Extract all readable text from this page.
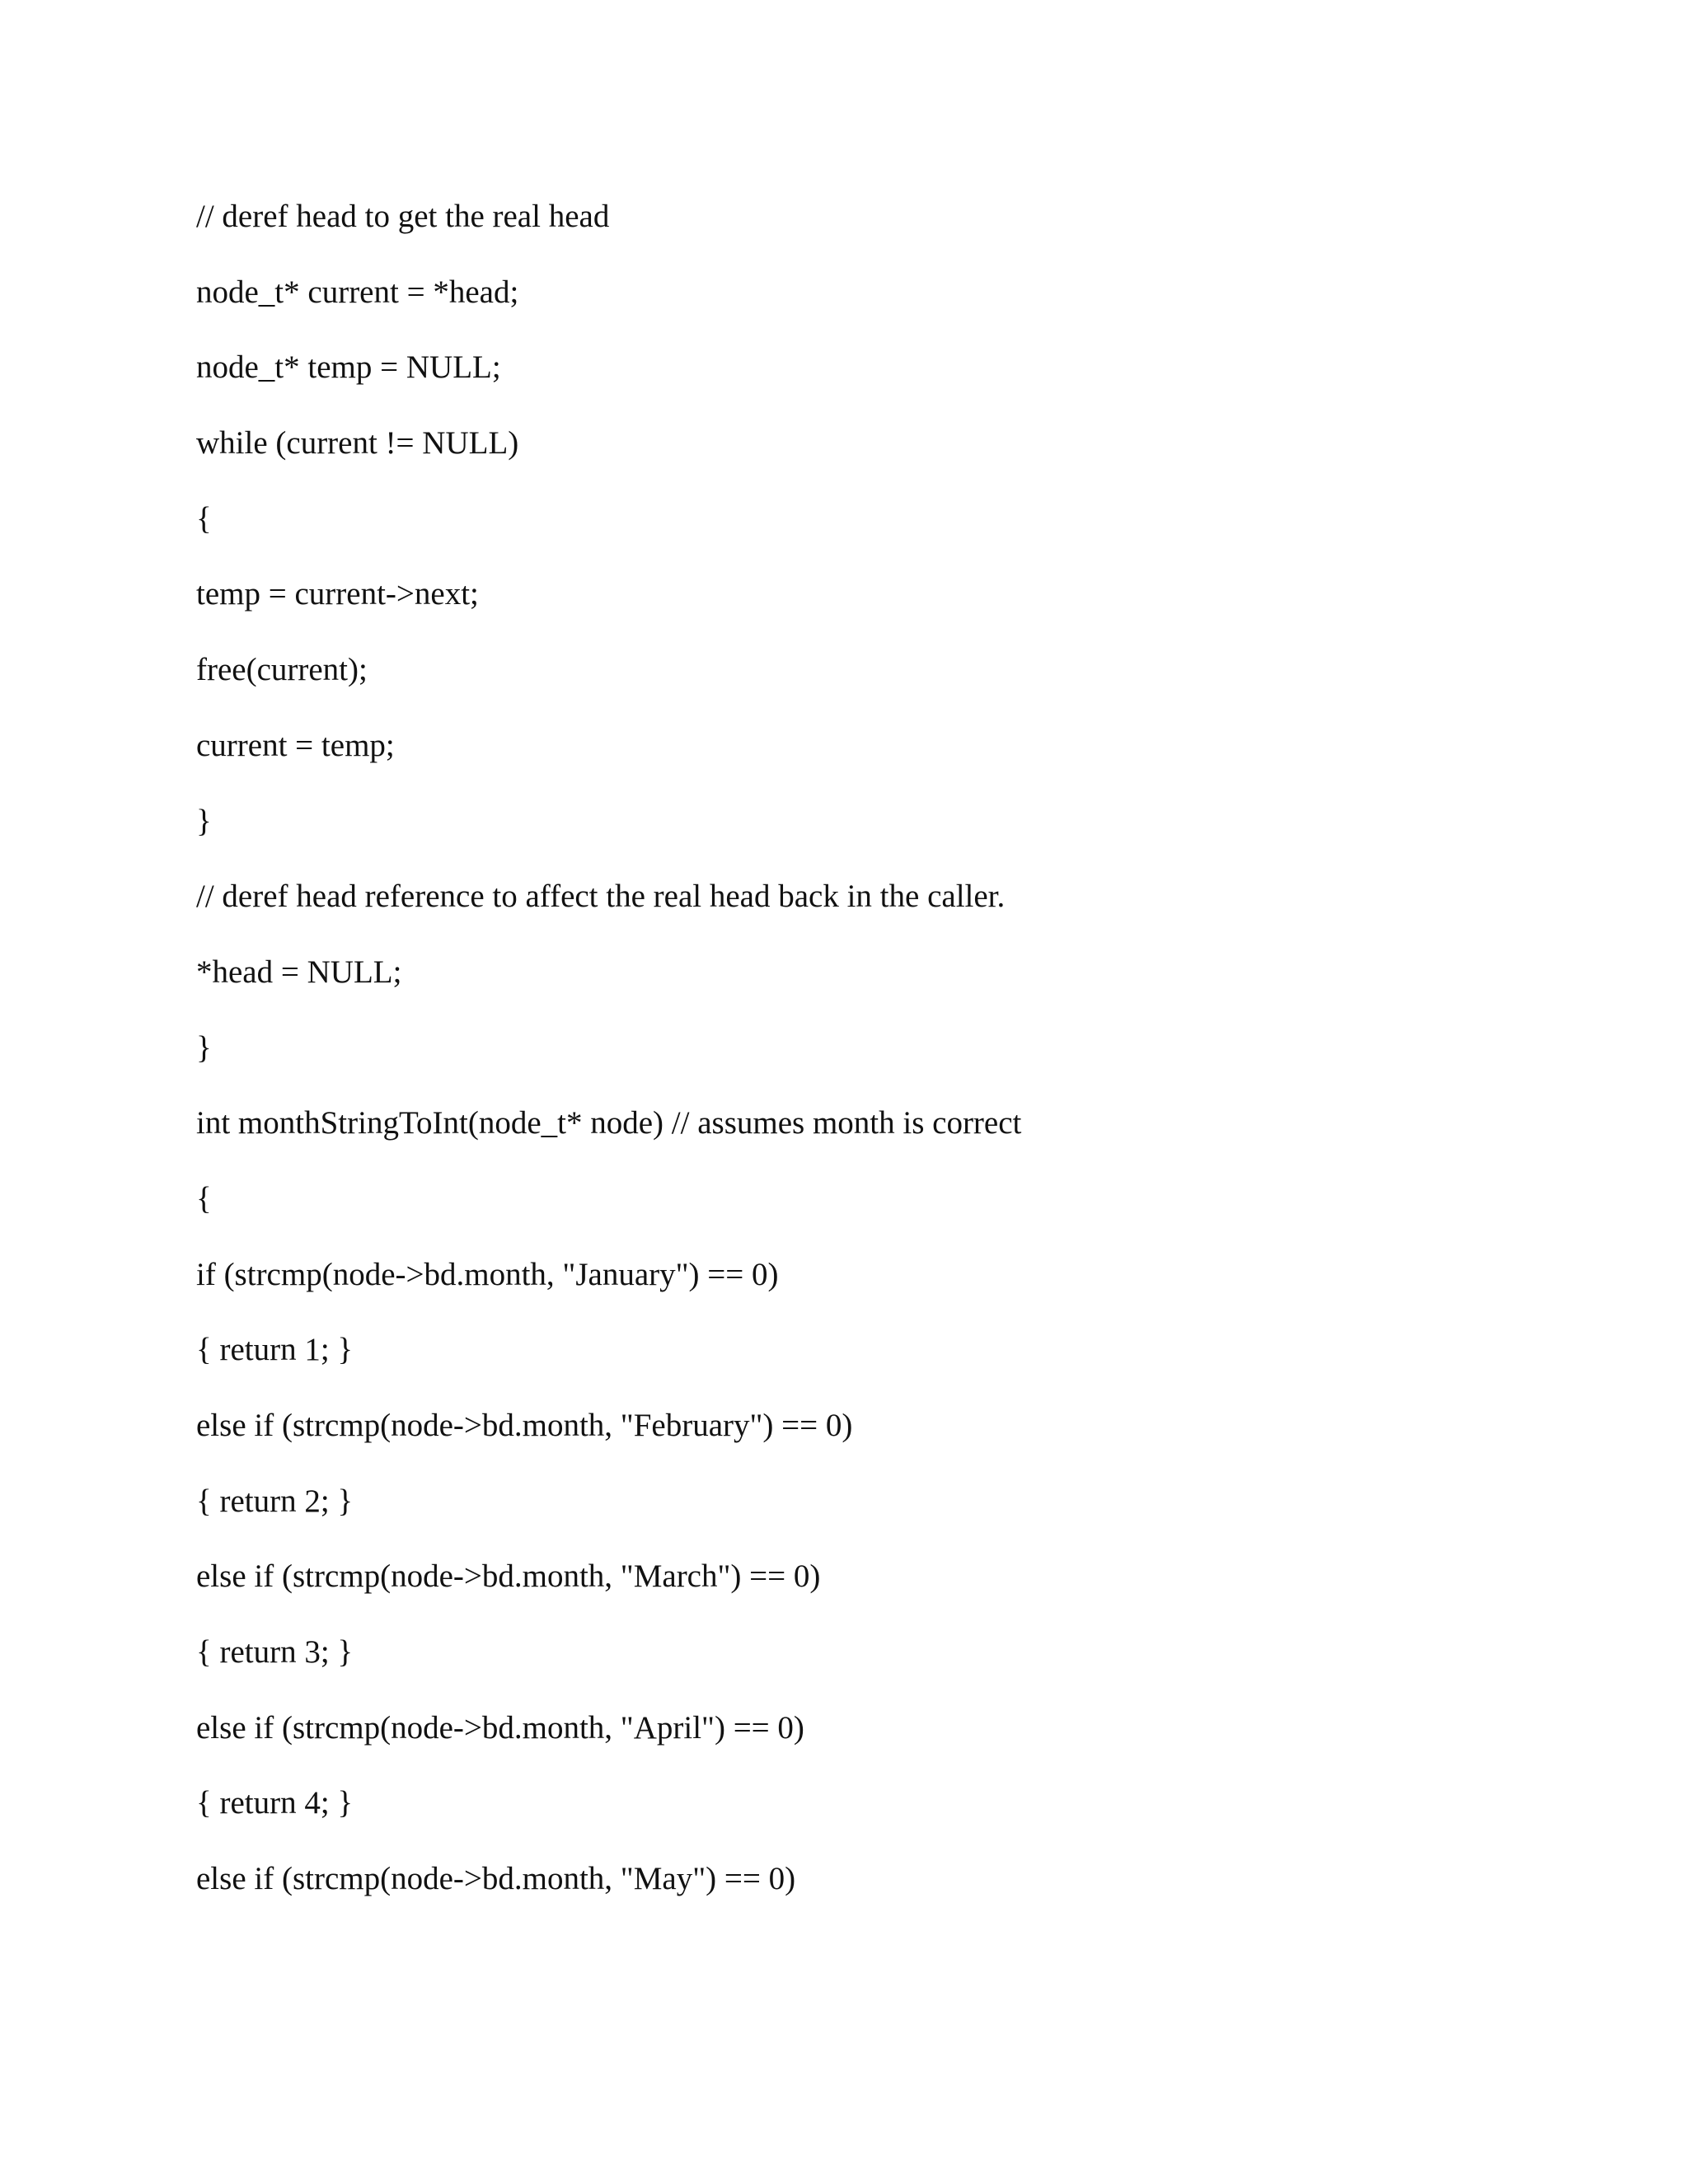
// deref head to get the real head
node_t* current = *head;
node_t* temp = NULL;
while (current != NULL)
{
temp = current->next;
free(current);
current = temp;
}
// deref head reference to affect the real head back in the caller.
*head = NULL;
}
int monthStringToInt(node_t* node) // assumes month is correct
{
if (strcmp(node->bd.month, "January") == 0)
{ return 1; }
else if (strcmp(node->bd.month, "February") == 0)
{ return 2; }
else if (strcmp(node->bd.month, "March") == 0)
{ return 3; }
else if (strcmp(node->bd.month, "April") == 0)
{ return 4; }
else if (strcmp(node->bd.month, "May") == 0)
